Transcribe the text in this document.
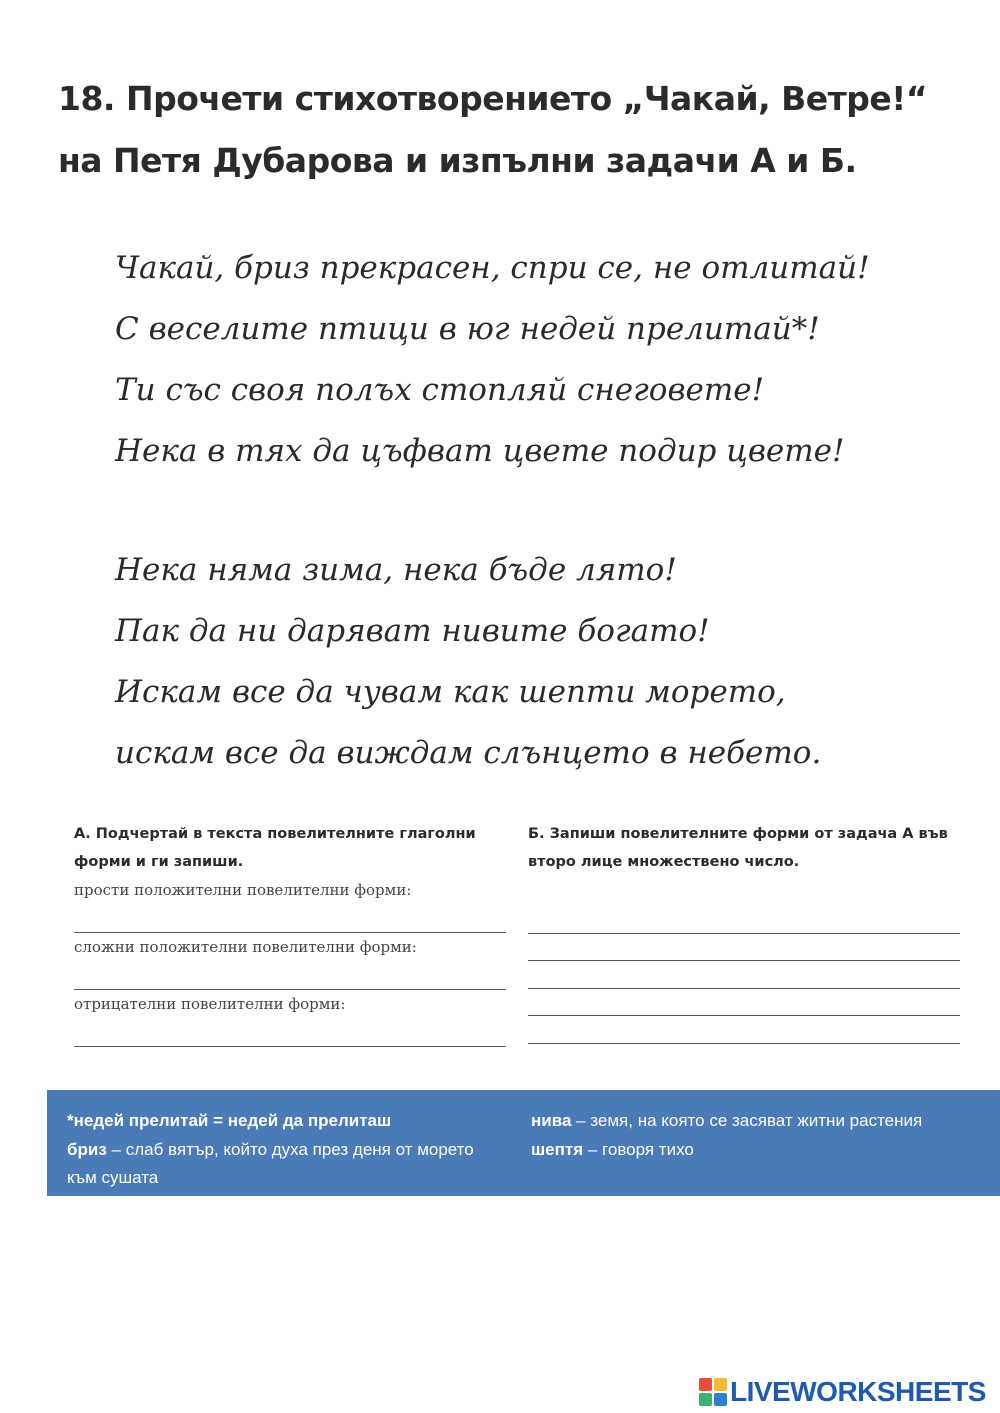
18. Прочети стихотворението „Чакай, Ветре!“
на Петя Дубарова и изпълни задачи А и Б.
Чакай, бриз прекрасен, спри се, не отлитай!
С веселите птици в юг недей прелитай*!
Ти със своя полъх стопляй снеговете!
Нека в тях да цъфват цвете подир цвете!
Нека няма зима, нека бъде лято!
Пак да ни даряват нивите богато!
Искам все да чувам как шепти морето,
искам все да виждам слънцето в небето.
А. Подчертай в текста повелителните глаголни форми и ги запиши.
прости положителни повелителни форми:
сложни положителни повелителни форми:
отрицателни повелителни форми:
Б. Запиши повелителните форми от задача А във второ лице множествено число.
*недей прелитай = недей да прелиташ
бриз – слаб вятър, който духа през деня от морето към сушата
нива – земя, на която се засяват житни растения
шептя – говоря тихо
LIVEWORKSHEETS
